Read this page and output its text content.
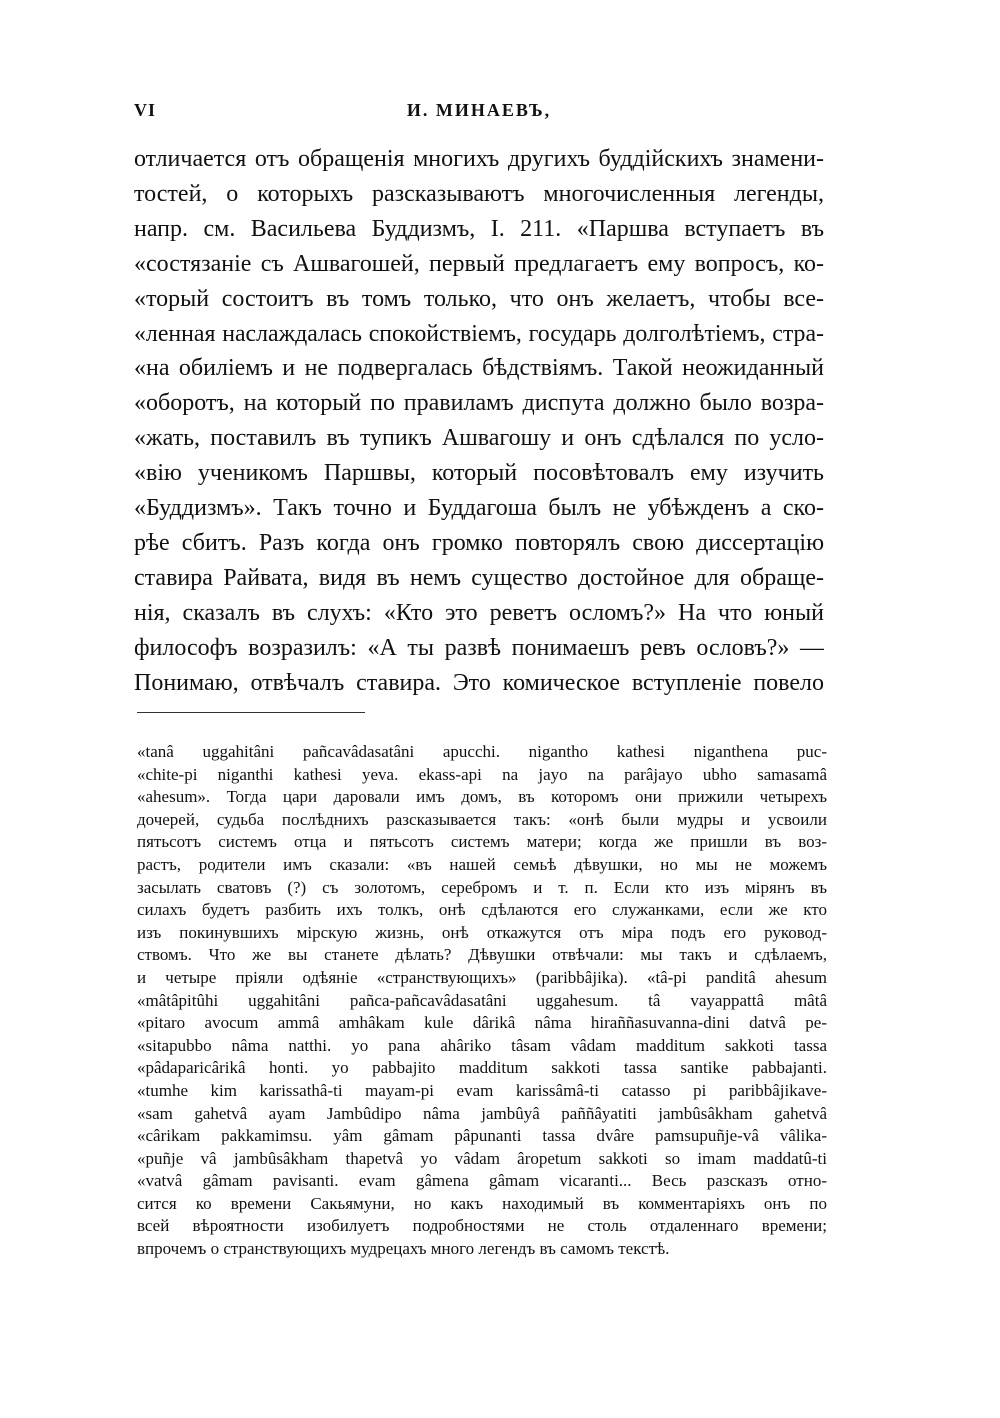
VI	И. МИНАЕВЪ,
отличается отъ обращенія многихъ другихъ буддійскихъ знамени-
тостей, о которыхъ разсказываютъ многочисленныя легенды,
напр. см. Васильева Буддизмъ, I. 211. «Паршва вступаетъ въ
«состязаніе съ Ашвагошей, первый предлагаетъ ему вопросъ, ко-
«торый состоитъ въ томъ только, что онъ желаетъ, чтобы все-
«ленная наслаждалась спокойствіемъ, государь долголѣтіемъ, стра-
«на обиліемъ и не подвергалась бѣдствіямъ. Такой неожиданный
«оборотъ, на который по правиламъ диспута должно было возра-
«жать, поставилъ въ тупикъ Ашвагошу и онъ сдѣлался по усло-
«вію ученикомъ Паршвы, который посовѣтовалъ ему изучить
«Буддизмъ». Такъ точно и Буддагоша былъ не убѣжденъ а ско-
рѣе сбитъ. Разъ когда онъ громко повторялъ свою диссертацію
ставира Райвата, видя въ немъ существо достойное для обраще-
нія, сказалъ въ слухъ: «Кто это реветъ осломъ?» На что юный
философъ возразилъ: «А ты развѣ понимаешъ ревъ ословъ?» —
Понимаю, отвѣчалъ ставира. Это комическое вступленіе повело
«tanâ uggahitâni pañcavâdasatâni apucchi. nigantho kathesi niganthena puc-
«chite-pi niganthi kathesi yeva. ekass-api na jayo na parâjayo ubho samasamâ
«ahesum». Тогда цари даровали имъ домъ, въ которомъ они прижили четырехъ
дочерей, судьба послѣднихъ разсказывается такъ: «онѣ были мудры и усвоили
пятьсотъ системъ отца и пятьсотъ системъ матери; когда же пришли въ воз-
растъ, родители имъ сказали: «въ нашей семьѣ дѣвушки, но мы не можемъ
засылать сватовъ (?) съ золотомъ, серебромъ и т. п. Если кто изъ мірянъ въ
силахъ будетъ разбить ихъ толкъ, онѣ сдѣлаются его служанками, если же кто
изъ покинувшихъ мірскую жизнь, онѣ откажутся отъ міра подъ его руковод-
ствомъ. Что же вы станете дѣлать? Дѣвушки отвѣчали: мы такъ и сдѣлаемъ,
и четыре пріяли одѣяніе «странствующихъ» (paribbâjika). «tâ-pi panditâ ahesum
«mâtâpitûhi uggahitâni pañca-pañcavâdasatâni uggahesum. tâ vayappattâ mâtâ
«pitaro avocum ammâ amhâkam kule dârikâ nâma hiraññasuvanna-dini datvâ pe-
«sitapubbo nâma natthi. yo pana ahâriko tâsam vâdam madditum sakkoti tassa
«pâdaparicârikâ honti. yo pabbajito madditum sakkoti tassa santike pabbajanti.
«tumhe kim karissathâ-ti mayam-pi evam karissâmâ-ti catasso pi paribbâjikave-
«sam gahetvâ ayam Jambûdipo nâma jambûyâ paññâyatiti jambûsâkham gahetvâ
«cârikam pakkamimsu. yâm gâmam pâpunanti tassa dvâre pamsupuñje-vâ vâlika-
«puñje vâ jambûsâkham thapetvâ yo vâdam âropetum sakkoti so imam maddatû-ti
«vatvâ gâmam pavisanti. evam gâmena gâmam vicaranti... Весь разсказъ отно-
сится ко времени Сакьямуни, но какъ находимый въ комментаріяхъ онъ по
всей вѣроятности изобилуетъ подробностями не столь отдаленнаго времени;
впрочемъ о странствующихъ мудрецахъ много легендъ въ самомъ текстѣ.
